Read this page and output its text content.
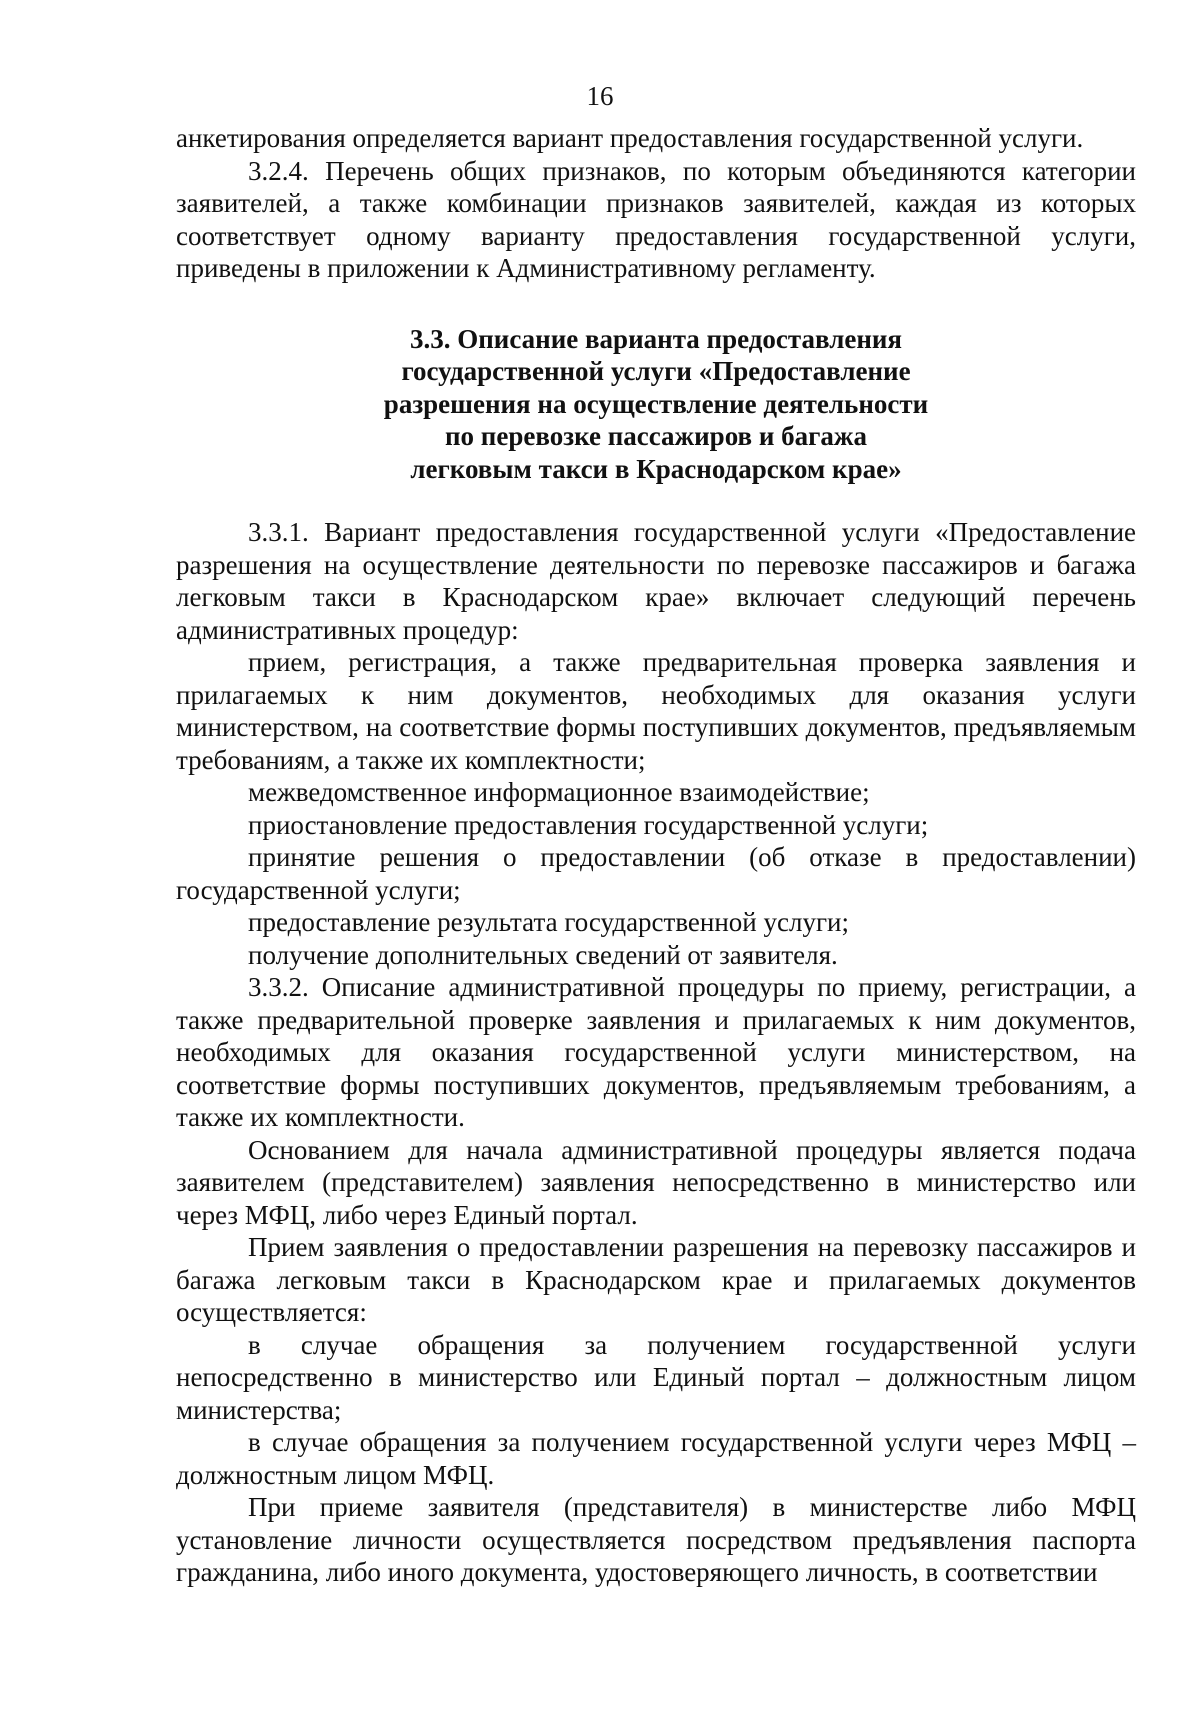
16

анкетирования определяется вариант предоставления государственной услуги.

3.2.4. Перечень общих признаков, по которым объединяются категории заявителей, а также комбинации признаков заявителей, каждая из которых соответствует одному варианту предоставления государственной услуги, приведены в приложении к Административному регламенту.

3.3. Описание варианта предоставления
государственной услуги «Предоставление
разрешения на осуществление деятельности
по перевозке пассажиров и багажа
легковым такси в Краснодарском крае»

3.3.1. Вариант предоставления государственной услуги «Предоставление разрешения на осуществление деятельности по перевозке пассажиров и багажа легковым такси в Краснодарском крае» включает следующий перечень административных процедур:

прием, регистрация, а также предварительная проверка заявления и прилагаемых к ним документов, необходимых для оказания услуги министерством, на соответствие формы поступивших документов, предъявляемым требованиям, а также их комплектности;

межведомственное информационное взаимодействие;

приостановление предоставления государственной услуги;

принятие решения о предоставлении (об отказе в предоставлении) государственной услуги;

предоставление результата государственной услуги;

получение дополнительных сведений от заявителя.

3.3.2. Описание административной процедуры по приему, регистрации, а также предварительной проверке заявления и прилагаемых к ним документов, необходимых для оказания государственной услуги министерством, на соответствие формы поступивших документов, предъявляемым требованиям, а также их комплектности.

Основанием для начала административной процедуры является подача заявителем (представителем) заявления непосредственно в министерство или через МФЦ, либо через Единый портал.

Прием заявления о предоставлении разрешения на перевозку пассажиров и багажа легковым такси в Краснодарском крае и прилагаемых документов осуществляется:

в случае обращения за получением государственной услуги непосредственно в министерство или Единый портал – должностным лицом министерства;

в случае обращения за получением государственной услуги через МФЦ – должностным лицом МФЦ.

При приеме заявителя (представителя) в министерстве либо МФЦ установление личности осуществляется посредством предъявления паспорта гражданина, либо иного документа, удостоверяющего личность, в соответствии
